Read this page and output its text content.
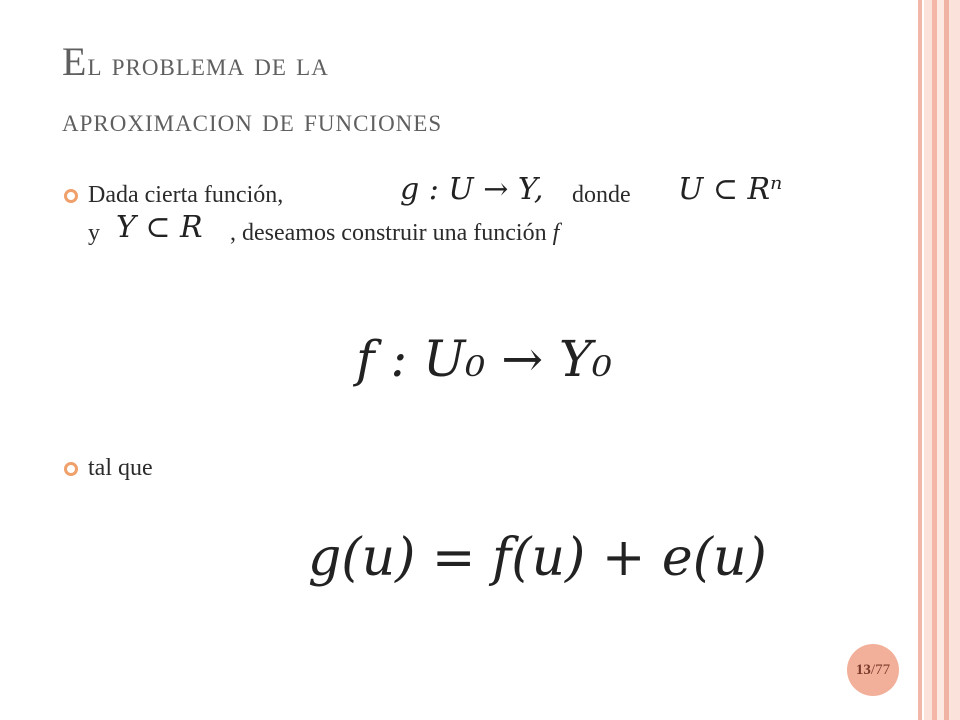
El problema de la
aproximacion de funciones
Dada cierta función,	g : U → Y, donde U ⊂ Rⁿ
y Y ⊂ R , deseamos construir una función f
f : U₀ → Y₀
tal que
g(u) = f(u) + e(u)
13 /77
